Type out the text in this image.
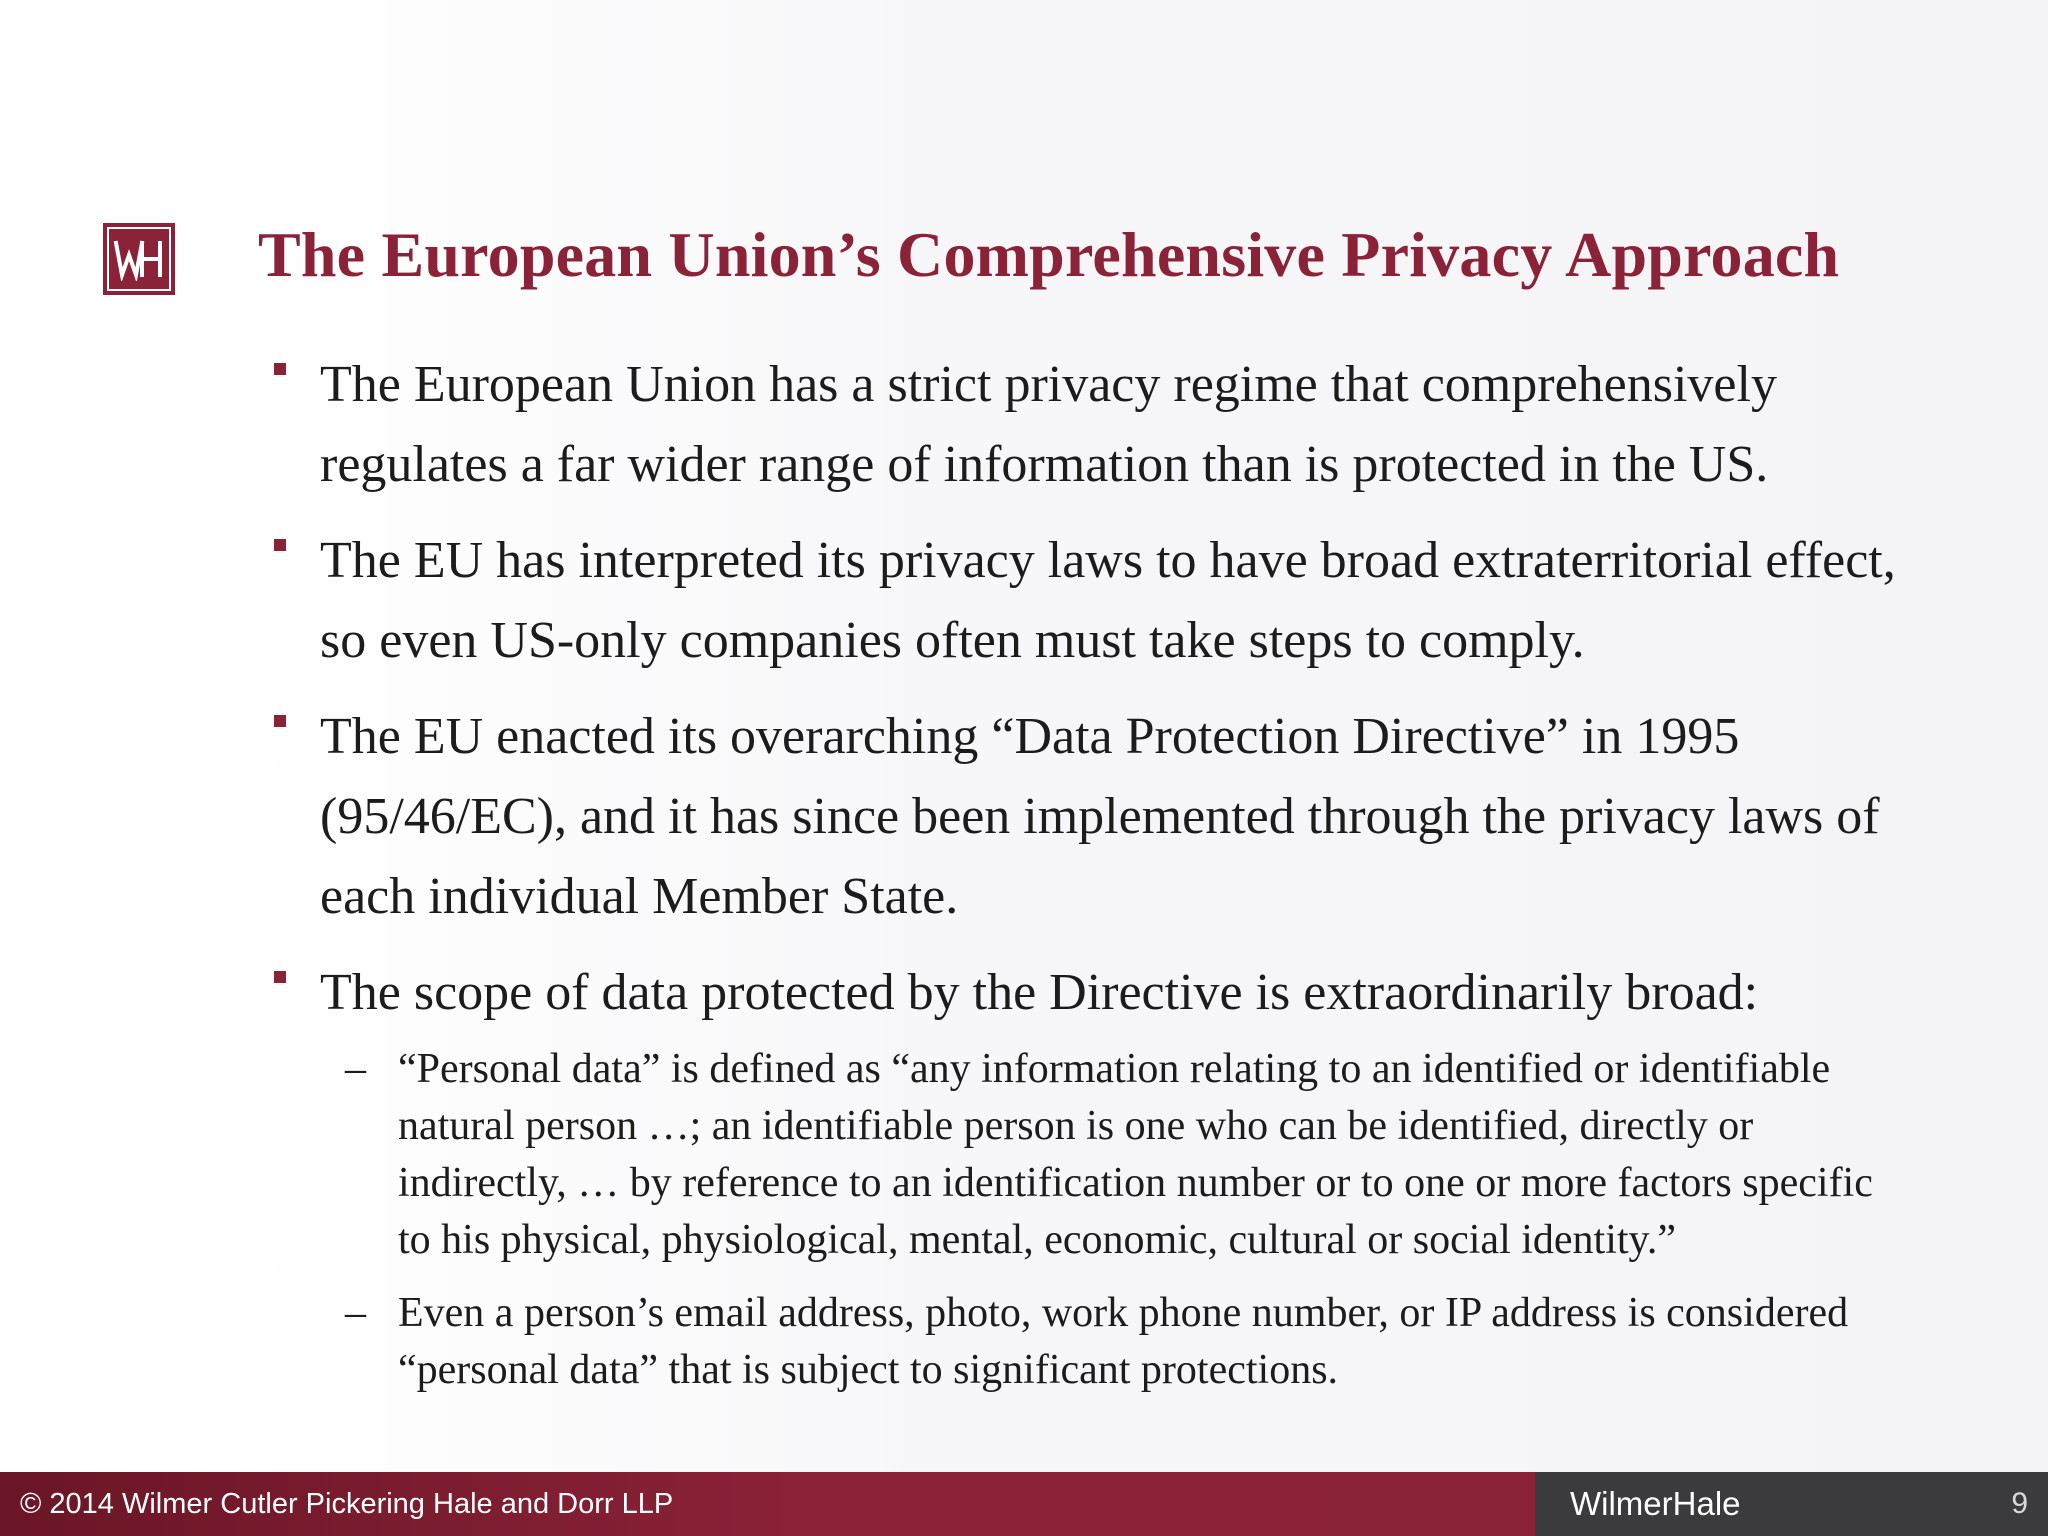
The European Union’s Comprehensive Privacy Approach
The European Union has a strict privacy regime that comprehensively regulates a far wider range of information than is protected in the US.
The EU has interpreted its privacy laws to have broad extraterritorial effect, so even US-only companies often must take steps to comply.
The EU enacted its overarching “Data Protection Directive” in 1995 (95/46/EC), and it has since been implemented through the privacy laws of each individual Member State.
The scope of data protected by the Directive is extraordinarily broad:
– “Personal data” is defined as “any information relating to an identified or identifiable natural person …; an identifiable person is one who can be identified, directly or indirectly, … by reference to an identification number or to one or more factors specific to his physical, physiological, mental, economic, cultural or social identity.”
– Even a person’s email address, photo, work phone number, or IP address is considered “personal data” that is subject to significant protections.
© 2014 Wilmer Cutler Pickering Hale and Dorr LLP	WilmerHale	9
